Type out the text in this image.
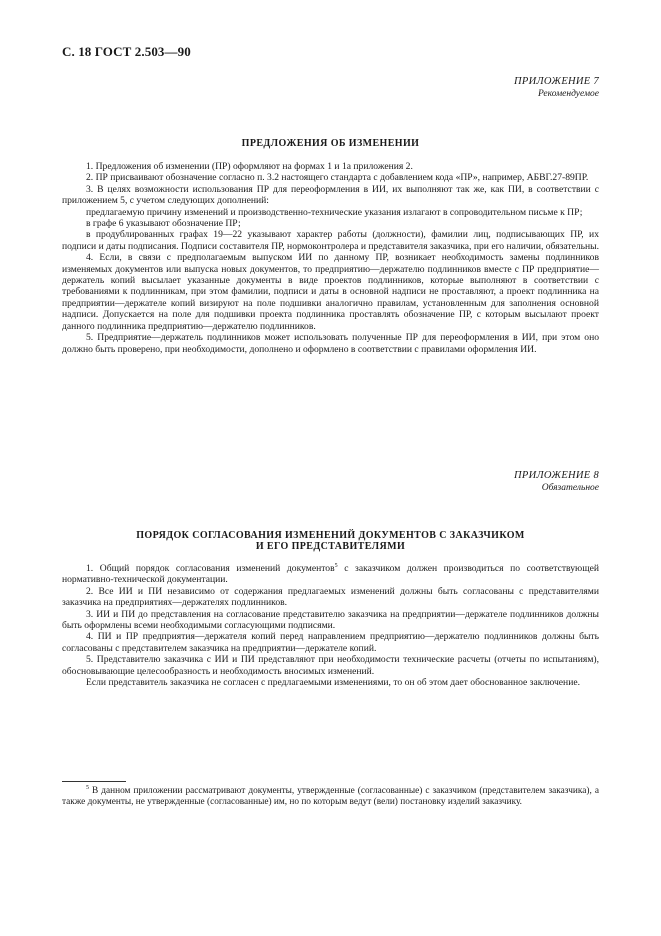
С. 18 ГОСТ 2.503—90
ПРИЛОЖЕНИЕ 7
Рекомендуемое
ПРЕДЛОЖЕНИЯ ОБ ИЗМЕНЕНИИ

1. Предложения об изменении (ПР) оформляют на формах 1 и 1а приложения 2.

2. ПР присваивают обозначение согласно п. 3.2 настоящего стандарта с добавлением кода «ПР», например, АБВГ.27-89ПР.

3. В целях возможности использования ПР для переоформления в ИИ, их выполняют так же, как ПИ, в соответствии с приложением 5, с учетом следующих дополнений:

предлагаемую причину изменений и производственно-технические указания излагают в сопроводительном письме к ПР;

в графе 6 указывают обозначение ПР;

в продублированных графах 19—22 указывают характер работы (должности), фамилии лиц, подписывающих ПР, их подписи и даты подписания. Подписи составителя ПР, нормоконтролера и представителя заказчика, при его наличии, обязательны.

4. Если, в связи с предполагаемым выпуском ИИ по данному ПР, возникает необходимость замены подлинников изменяемых документов или выпуска новых документов, то предприятию—держателю подлинников вместе с ПР предприятие—держатель копий высылает указанные документы в виде проектов подлинников, которые выполняют в соответствии с требованиями к подлинникам, при этом фамилии, подписи и даты в основной надписи не проставляют, а проект подлинника на предприятии—держателе копий визируют на поле подшивки аналогично правилам, установленным для заполнения основной надписи. Допускается на поле для подшивки проекта подлинника проставлять обозначение ПР, с которым высылают проект данного подлинника предприятию—держателю подлинников.

5. Предприятие—держатель подлинников может использовать полученные ПР для переоформления в ИИ, при этом оно должно быть проверено, при необходимости, дополнено и оформлено в соответствии с правилами оформления ИИ.

ПРИЛОЖЕНИЕ 8
Обязательное
ПОРЯДОК СОГЛАСОВАНИЯ ИЗМЕНЕНИЙ ДОКУМЕНТОВ С ЗАКАЗЧИКОМ
И ЕГО ПРЕДСТАВИТЕЛЯМИ

1. Общий порядок согласования изменений документов$^5$ с заказчиком должен производиться по соответствующей нормативно-технической документации.

2. Все ИИ и ПИ независимо от содержания предлагаемых изменений должны быть согласованы с представителями заказчика на предприятиях—держателях подлинников.

3. ИИ и ПИ до представления на согласование представителю заказчика на предприятии—держателе подлинников должны быть оформлены всеми необходимыми согласующими подписями.

4. ПИ и ПР предприятия—держателя копий перед направлением предприятию—держателю подлинников должны быть согласованы с представителем заказчика на предприятии—держателе копий.

5. Представителю заказчика с ИИ и ПИ представляют при необходимости технические расчеты (отчеты по испытаниям), обосновывающие целесообразность и необходимость вносимых изменений.

Если представитель заказчика не согласен с предлагаемыми изменениями, то он об этом дает обоснованное заключение.

$^5$ В данном приложении рассматривают документы, утвержденные (согласованные) с заказчиком (представителем заказчика), а также документы, не утвержденные (согласованные) им, но по которым ведут (вели) постановку изделий заказчику.
